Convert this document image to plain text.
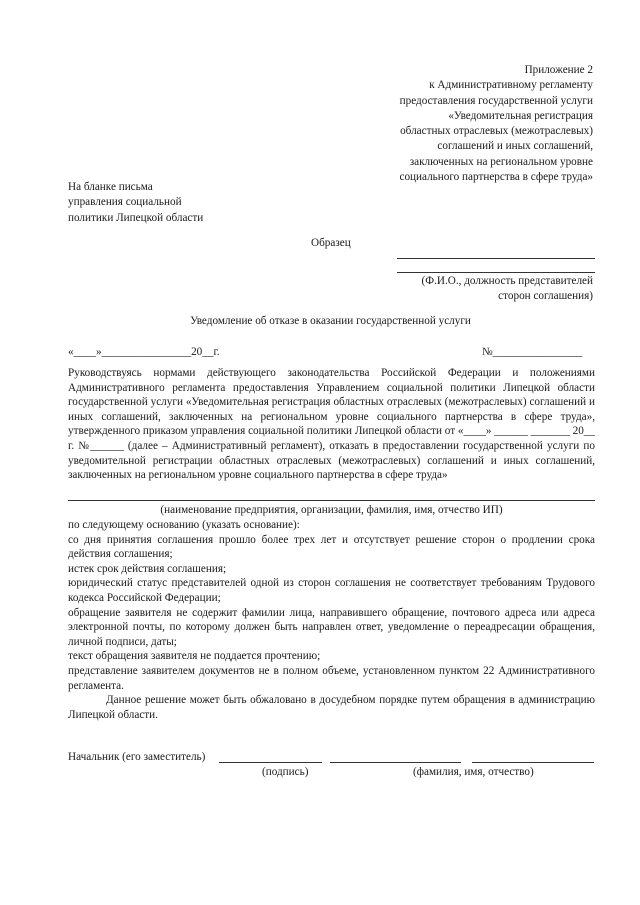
Приложение 2
к Административному регламенту
предоставления государственной услуги
«Уведомительная регистрация
областных отраслевых (межотраслевых)
соглашений и иных соглашений,
заключенных на региональном уровне
социального партнерства в сфере труда»
На бланке письма
управления социальной
политики Липецкой области
Образец
(Ф.И.О., должность представителей
сторон соглашения)
Уведомление об отказе в оказании государственной услуги
«____»________________20__г.	№________________
Руководствуясь нормами действующего законодательства Российской Федерации и положениями Административного регламента предоставления Управлением социальной политики Липецкой области государственной услуги «Уведомительная регистрация областных отраслевых (межотраслевых) соглашений и иных соглашений, заключенных на региональном уровне социального партнерства в сфере труда», утвержденного приказом управления социальной политики Липецкой области от «____» ______ _______ 20__ г. №______ (далее – Административный регламент), отказать в предоставлении государственной услуги по уведомительной регистрации областных отраслевых (межотраслевых) соглашений и иных соглашений, заключенных на региональном уровне социального партнерства в сфере труда»
(наименование предприятия, организации, фамилия, имя, отчество ИП)
по следующему основанию (указать основание):
со дня принятия соглашения прошло более трех лет и отсутствует решение сторон о продлении срока действия соглашения;
истек срок действия соглашения;
юридический статус представителей одной из сторон соглашения не соответствует требованиям Трудового кодекса Российской Федерации;
обращение заявителя не содержит фамилии лица, направившего обращение, почтового адреса или адреса электронной почты, по которому должен быть направлен ответ, уведомление о переадресации обращения, личной подписи, даты;
текст обращения заявителя не поддается прочтению;
представление заявителем документов не в полном объеме, установленном пунктом 22 Административного регламента.
Данное решение может быть обжаловано в досудебном порядке путем обращения в администрацию Липецкой области.
Начальник (его заместитель)
(подпись)	(фамилия, имя, отчество)
